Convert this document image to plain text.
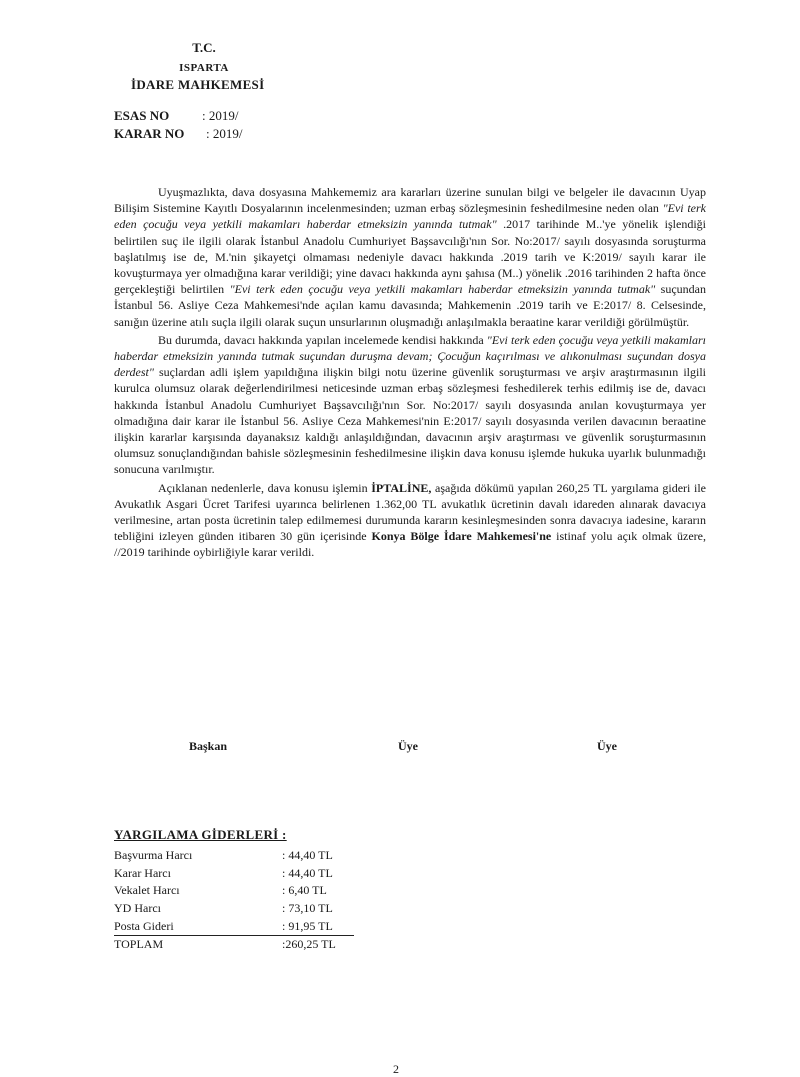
T.C.
ISPARTA
İDARE MAHKEMESİ
ESAS NO	: 2019/
KARAR NO : 2019/

Uyuşmazlıkta, dava dosyasına Mahkememiz ara kararları üzerine sunulan bilgi ve belgeler ile davacının Uyap Bilişim Sistemine Kayıtlı Dosyalarının incelenmesinden; uzman erbaş sözleşmesinin feshedilmesine neden olan "Evi terk eden çocuğu veya yetkili makamları haberdar etmeksizin yanında tutmak" .2017 tarihinde M..'ye yönelik işlendiği belirtilen suç ile ilgili olarak İstanbul Anadolu Cumhuriyet Başsavcılığı'nın Sor. No:2017/ sayılı dosyasında soruşturma başlatılmış ise de, M.'nin şikayetçi olmaması nedeniyle davacı hakkında .2019 tarih ve K:2019/ sayılı karar ile kovuşturmaya yer olmadığına karar verildiği; yine davacı hakkında aynı şahısa (M..) yönelik .2016 tarihinden 2 hafta önce gerçekleştiği belirtilen "Evi terk eden çocuğu veya yetkili makamları haberdar etmeksizin yanında tutmak" suçundan İstanbul 56. Asliye Ceza Mahkemesi'nde açılan kamu davasında; Mahkemenin .2019 tarih ve E:2017/ 8. Celsesinde, sanığın üzerine atılı suçla ilgili olarak suçun unsurlarının oluşmadığı anlaşılmakla beraatine karar verildiği görülmüştür.

Bu durumda, davacı hakkında yapılan incelemede kendisi hakkında "Evi terk eden çocuğu veya yetkili makamları haberdar etmeksizin yanında tutmak suçundan duruşma devam; Çocuğun kaçırılması ve alıkonulması suçundan dosya derdest" suçlardan adli işlem yapıldığına ilişkin bilgi notu üzerine güvenlik soruşturması ve arşiv araştırmasının ilgili kurulca olumsuz olarak değerlendirilmesi neticesinde uzman erbaş sözleşmesi feshedilerek terhis edilmiş ise de, davacı hakkında İstanbul Anadolu Cumhuriyet Başsavcılığı'nın Sor. No:2017/ sayılı dosyasında anılan kovuşturmaya yer olmadığına dair karar ile İstanbul 56. Asliye Ceza Mahkemesi'nin E:2017/ sayılı dosyasında verilen davacının beraatine ilişkin kararlar karşısında dayanaksız kaldığı anlaşıldığından, davacının arşiv araştırması ve güvenlik soruşturmasının olumsuz sonuçlandığından bahisle sözleşmesinin feshedilmesine ilişkin dava konusu işlemde hukuka uyarlık bulunmadığı sonucuna varılmıştır.

Açıklanan nedenlerle, dava konusu işlemin İPTALİNE, aşağıda dökümü yapılan 260,25 TL yargılama gideri ile Avukatlık Asgari Ücret Tarifesi uyarınca belirlenen 1.362,00 TL avukatlık ücretinin davalı idareden alınarak davacıya verilmesine, artan posta ücretinin talep edilmemesi durumunda kararın kesinleşmesinden sonra davacıya iadesine, kararın tebliğini izleyen günden itibaren 30 gün içerisinde Konya Bölge İdare Mahkemesi'ne istinaf yolu açık olmak üzere, //2019 tarihinde oybirliğiyle karar verildi.

Başkan	Üye	Üye
YARGILAMA GİDERLERİ :
Başvurma Harcı	: 44,40 TL
Karar Harcı	: 44,40 TL
Vekalet Harcı	: 6,40 TL
YD Harcı	: 73,10 TL
Posta Gideri	: 91,95 TL
TOPLAM	:260,25 TL
2
